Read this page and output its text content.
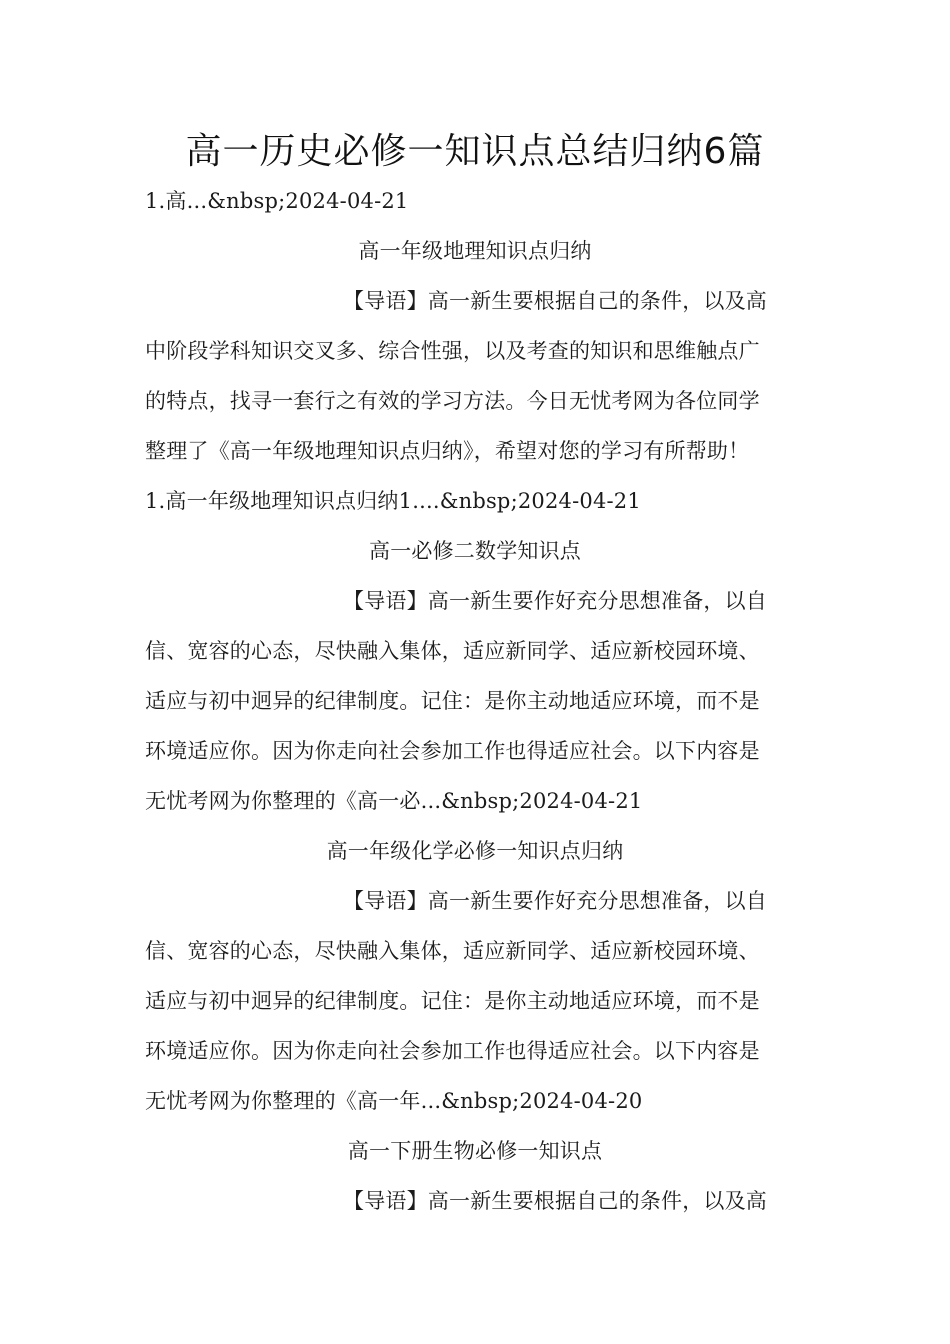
高一历史必修一知识点总结归纳6篇
1.高...&nbsp;2024-04-21
高一年级地理知识点归纳
【导语】高一新生要根据自己的条件，以及高
中阶段学科知识交叉多、综合性强，以及考查的知识和思维触点广
的特点，找寻一套行之有效的学习方法。今日无忧考网为各位同学
整理了《高一年级地理知识点归纳》，希望对您的学习有所帮助！
1.高一年级地理知识点归纳1....&nbsp;2024-04-21
高一必修二数学知识点
【导语】高一新生要作好充分思想准备，以自
信、宽容的心态，尽快融入集体，适应新同学、适应新校园环境、
适应与初中迥异的纪律制度。记住：是你主动地适应环境，而不是
环境适应你。因为你走向社会参加工作也得适应社会。以下内容是
无忧考网为你整理的《高一必...&nbsp;2024-04-21
高一年级化学必修一知识点归纳
【导语】高一新生要作好充分思想准备，以自
信、宽容的心态，尽快融入集体，适应新同学、适应新校园环境、
适应与初中迥异的纪律制度。记住：是你主动地适应环境，而不是
环境适应你。因为你走向社会参加工作也得适应社会。以下内容是
无忧考网为你整理的《高一年...&nbsp;2024-04-20
高一下册生物必修一知识点
【导语】高一新生要根据自己的条件，以及高
